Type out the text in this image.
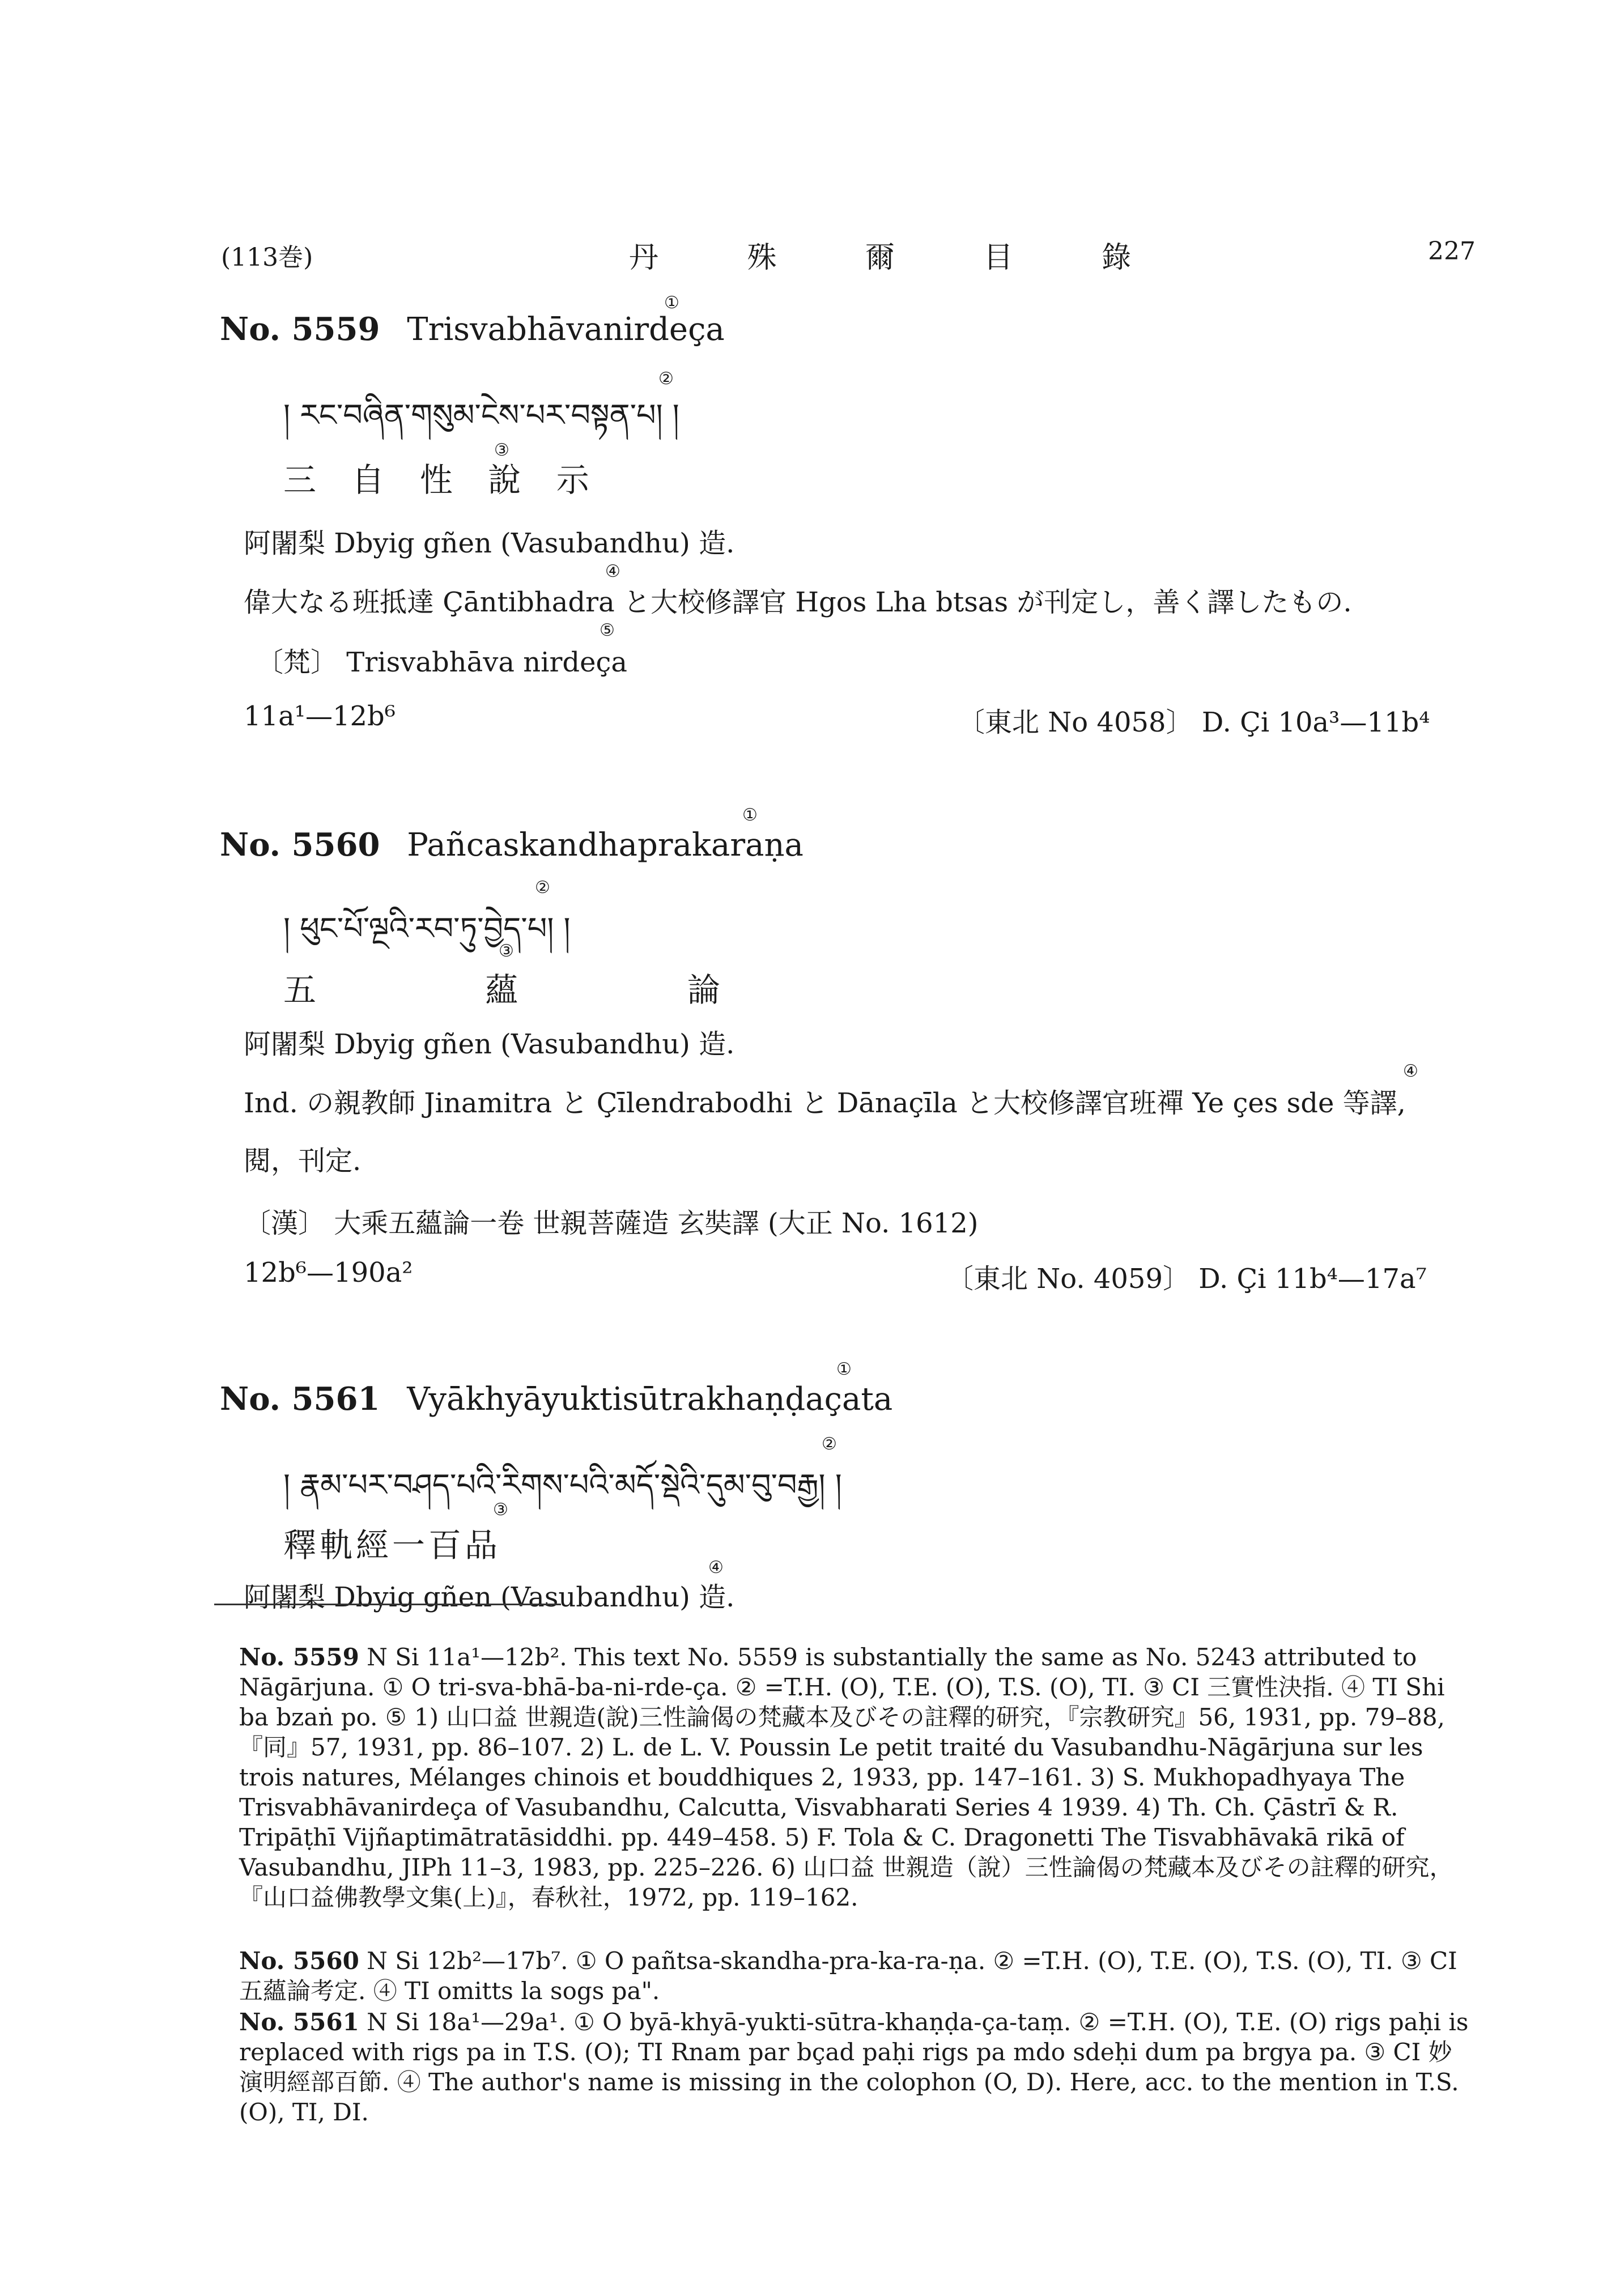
(113巻)	丹 殊 爾 目 錄	227
No. 5559 Trisvabhāvanirdeça
①
། རང་བཞིན་གསུམ་ངེས་པར་བསྟན་པ། །
②
三 自 性 說 示
③
阿闍梨 Dbyig gñen (Vasubandhu) 造.
偉大なる班抵達 Çāntibhadra と大校修譯官 Hgos Lha btsas が刊定し，善く譯したもの.
④
〔梵〕 Trisvabhāva nirdeça
⑤
11a¹—12b⁶	〔東北 No 4058〕 D. Çi 10a³—11b⁴
No. 5560 Pañcaskandhaprakaraṇa
①
། ཕུང་པོ་ལྔའི་རབ་ཏུ་བྱེད་པ། །
②
五 蘊 論
③
阿闍梨 Dbyig gñen (Vasubandhu) 造.
Ind. の親教師 Jinamitra と Çīlendrabodhi と Dānaçīla と大校修譯官班禪 Ye çes sde 等譯,
④
閱，刊定.
〔漢〕 大乘五蘊論一卷 世親菩薩造 玄奘譯 (大正 No. 1612)
12b⁶—190a²	〔東北 No. 4059〕 D. Çi 11b⁴—17a⁷
No. 5561 Vyākhyāyuktisūtrakhaṇḍaçata
①
། རྣམ་པར་བཤད་པའི་རིགས་པའི་མདོ་སྡེའི་དུམ་བུ་བརྒྱ། །
②
釋軌經一百品
③
阿闍梨 Dbyig gñen (Vasubandhu) 造.
④
No. 5559 N Si 11a¹—12b². This text No. 5559 is substantially the same as No. 5243 attributed to Nāgārjuna. ① O tri-sva-bhā-ba-ni-rde-ça. ② =T.H. (O), T.E. (O), T.S. (O), TI. ③ CI 三實性決指. ④ TI Shi ba bzaṅ po. ⑤ 1) 山口益 世親造(說)三性論偈の梵藏本及びその註釋的研究，『宗教研究』56, 1931, pp. 79–88, 『同』57, 1931, pp. 86–107. 2) L. de L. V. Poussin Le petit traité du Vasubandhu-Nāgārjuna sur les trois natures, Mélanges chinois et bouddhiques 2, 1933, pp. 147–161. 3) S. Mukhopadhyaya The Trisvabhāvanirdeça of Vasubandhu, Calcutta, Visvabharati Series 4 1939. 4) Th. Ch. Çāstrī & R. Tripāṭhī Vijñaptimātratāsiddhi. pp. 449–458. 5) F. Tola & C. Dragonetti The Tisvabhāvakā rikā of Vasubandhu, JIPh 11–3, 1983, pp. 225–226. 6) 山口益 世親造（說）三性論偈の梵藏本及びその註釋的研究，『山口益佛教學文集(上)』，春秋社，1972, pp. 119–162.
No. 5560 N Si 12b²—17b⁷. ① O pañtsa-skandha-pra-ka-ra-ṇa. ② =T.H. (O), T.E. (O), T.S. (O), TI. ③ CI 五蘊論考定. ④ TI omitts la sogs pa".
No. 5561 N Si 18a¹—29a¹. ① O byā-khyā-yukti-sūtra-khaṇḍa-ça-taṃ. ② =T.H. (O), T.E. (O) rigs paḥi is replaced with rigs pa in T.S. (O); TI Rnam par bçad paḥi rigs pa mdo sdeḥi dum pa brgya pa. ③ CI 妙演明經部百節. ④ The author's name is missing in the colophon (O, D). Here, acc. to the mention in T.S. (O), TI, DI.
